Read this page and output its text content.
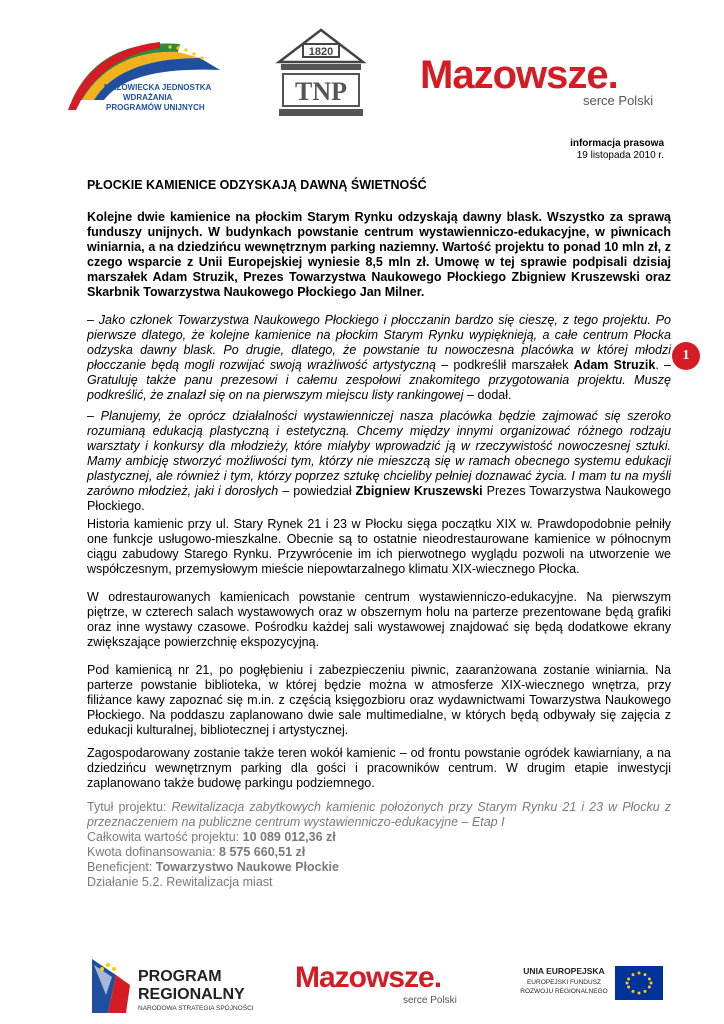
MAZOWIECKA JEDNOSTKA
WDRAŻANIA
PROGRAMÓW UNIJNYCH
1820
TNP Mazowsze.
serce Polski
informacja prasowa
19 listopada 2010 r.
PŁOCKIE KAMIENICE ODZYSKAJĄ DAWNĄ ŚWIETNOŚĆ
Kolejne dwie kamienice na płockim Starym Rynku odzyskają dawny blask. Wszystko za sprawą funduszy unijnych. W budynkach powstanie centrum wystawienniczo-edukacyjne, w piwnicach winiarnia, a na dziedzińcu wewnętrznym parking naziemny. Wartość projektu to ponad 10 mln zł, z czego wsparcie z Unii Europejskiej wyniesie 8,5 mln zł. Umowę w tej sprawie podpisali dzisiaj marszałek Adam Struzik, Prezes Towarzystwa Naukowego Płockiego Zbigniew Kruszewski oraz Skarbnik Towarzystwa Naukowego Płockiego Jan Milner.
– Jako członek Towarzystwa Naukowego Płockiego i płocczanin bardzo się cieszę, z tego projektu. Po pierwsze dlatego, że kolejne kamienice na płockim Starym Rynku wypiękniej̨ą, a całe centrum Płocka odzyska dawny blask. Po drugie, dlatego, że powstanie tu nowoczesna placówka w której młodzi płocczanie będą mogli rozwijać swoją wrażliwość artystyczną – podkreślił marszałek Adam Struzik. – Gratuluję także panu prezesowi i całemu zespołowi znakomitego przygotowania projektu. Muszę podkreślić, że znalazł się on na pierwszym miejscu listy rankingowej – dodał.
1
– Planujemy, że oprócz działalności wystawienniczej nasza placówka będzie zajmować się szeroko rozumianą edukacją plastyczną i estetyczną. Chcemy między innymi organizować różnego rodzaju warsztaty i konkursy dla młodzieży, które miałyby wprowadzić ją w rzeczywistość nowoczesnej sztuki. Mamy ambicję stworzyć możliwości tym, którzy nie mieszczą się w ramach obecnego systemu edukacji plastycznej, ale również i tym, którzy poprzez sztukę chcieliby pełniej doznawać życia. I mam tu na myśli zarówno młodzież, jaki i dorosłych – powiedział Zbigniew Kruszewski Prezes Towarzystwa Naukowego Płockiego.
Historia kamienic przy ul. Stary Rynek 21 i 23 w Płocku sięga początku XIX w. Prawdopodobnie pełniły one funkcje usługowo-mieszkalne. Obecnie są to ostatnie nieodrestaurowane kamienice w północnym ciągu zabudowy Starego Rynku. Przywrócenie im ich pierwotnego wyglądu pozwoli na utworzenie we współczesnym, przemysłowym mieście niepowtarzalnego klimatu XIX-wiecznego Płocka.
W odrestaurowanych kamienicach powstanie centrum wystawienniczo-edukacyjne. Na pierwszym piętrze, w czterech salach wystawowych oraz w obszernym holu na parterze prezentowane będą grafiki oraz inne wystawy czasowe. Pośrodku każdej sali wystawowej znajdować się będą dodatkowe ekrany zwiększające powierzchnię ekspozycyjną.
Pod kamienicą nr 21, po pogłębieniu i zabezpieczeniu piwnic, zaaranżowana zostanie winiarnia. Na parterze powstanie biblioteka, w której będzie można w atmosferze XIX-wiecznego wnętrza, przy filiżance kawy zapoznać się m.in. z częścią księgozbioru oraz wydawnictwami Towarzystwa Naukowego Płockiego. Na poddaszu zaplanowano dwie sale multimedialne, w których będą odbywały się zajęcia z edukacji kulturalnej, bibliotecznej i artystycznej.
Zagospodarowany zostanie także teren wokół kamienic – od frontu powstanie ogródek kawiarniany, a na dziedzińcu wewnętrznym parking dla gości i pracowników centrum. W drugim etapie inwestycji zaplanowano także budowę parkingu podziemnego.
Tytuł projektu: Rewitalizacja zabytkowych kamienic położonych przy Starym Rynku 21 i 23 w Płocku z przeznaczeniem na publiczne centrum wystawienniczo-edukacyjne – Etap I
Całkowita wartość projektu: 10 089 012,36 zł
Kwota dofinansowania: 8 575 660,51 zł
Beneficjent: Towarzystwo Naukowe Płockie
Działanie 5.2. Rewitalizacja miast
PROGRAM
REGIONALNY
NARODOWA STRATEGIA SPÓJNOŚCI
Mazowsze.
serce Polski
UNIA EUROPEJSKA
EUROPEJSKI FUNDUSZ
ROZWOJU REGIONALNEGO
